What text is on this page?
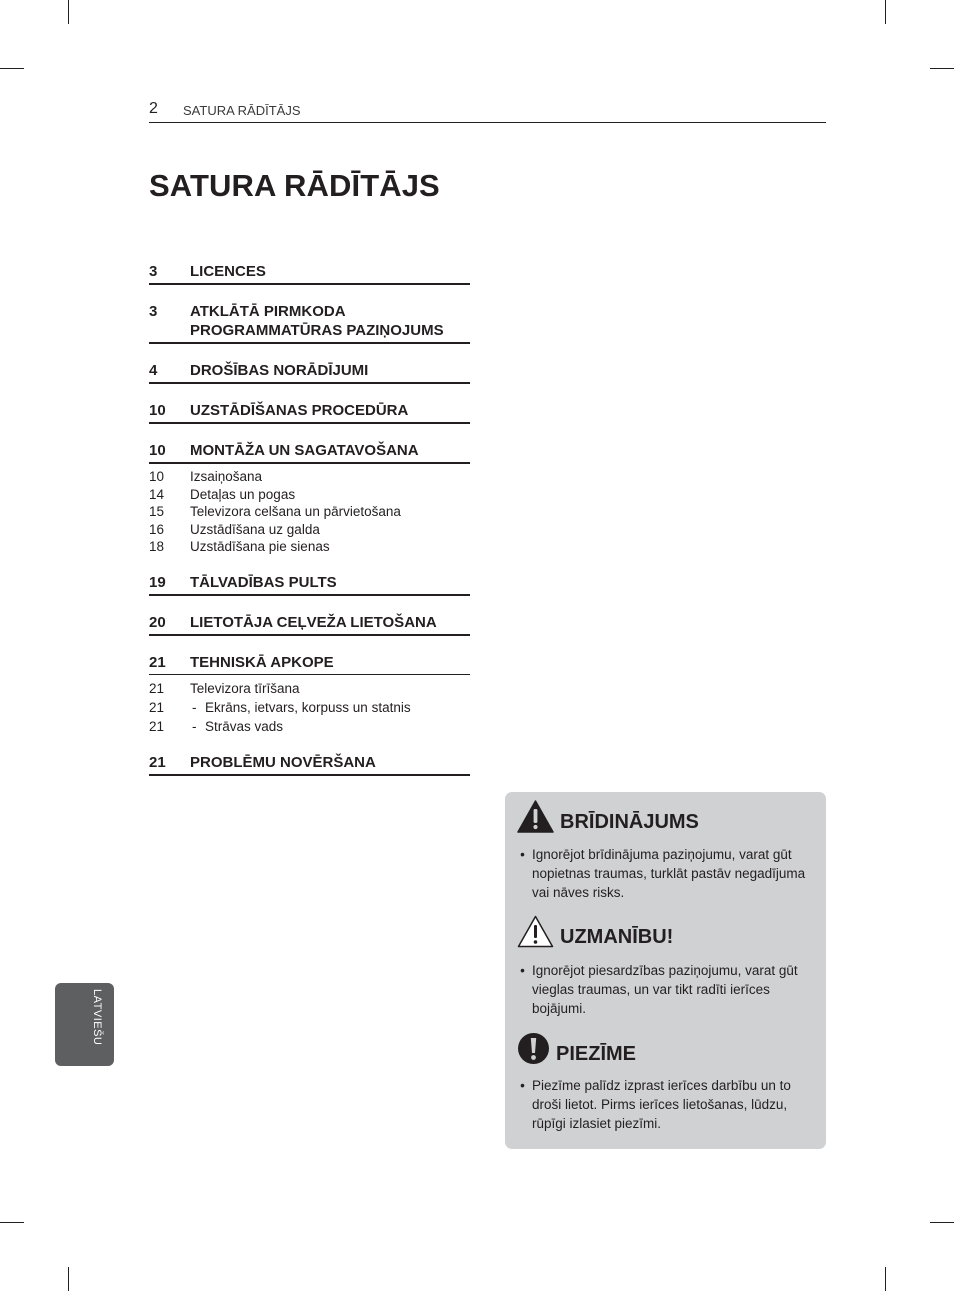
2 SATURA RĀDĪTĀJS
SATURA RĀDĪTĀJS
3	LICENCES
3	ATKLĀTĀ PIRMKODA PROGRAMMATŪRAS PAZIŅOJUMS
4	DROŠĪBAS NORĀDĪJUMI
10	UZSTĀDĪŠANAS PROCEDŪRA
10	MONTĀŽA UN SAGATAVOŠANA
10	Izsaiņošana
14	Detaļas un pogas
15	Televizora celšana un pārvietošana
16	Uzstādīšana uz galda
18	Uzstādīšana pie sienas
19	TĀLVADĪBAS PULTS
20	LIETOTĀJA CEĻVEŽA LIETOŠANA
21	TEHNISKĀ APKOPE
21	Televizora tīrīšana
21	- Ekrāns, ietvars, korpuss un statnis
21	- Strāvas vads
21	PROBLĒMU NOVĒRŠANA
BRĪDINĀJUMS
• Ignorējot brīdinājuma paziņojumu, varat gūt nopietnas traumas, turklāt pastāv negadījuma vai nāves risks.
UZMANĪBU!
• Ignorējot piesardzības paziņojumu, varat gūt vieglas traumas, un var tikt radīti ierīces bojājumi.
PIEZĪME
• Piezīme palīdz izprast ierīces darbību un to droši lietot. Pirms ierīces lietošanas, lūdzu, rūpīgi izlasiet piezīmi.
LATVIEŠU
